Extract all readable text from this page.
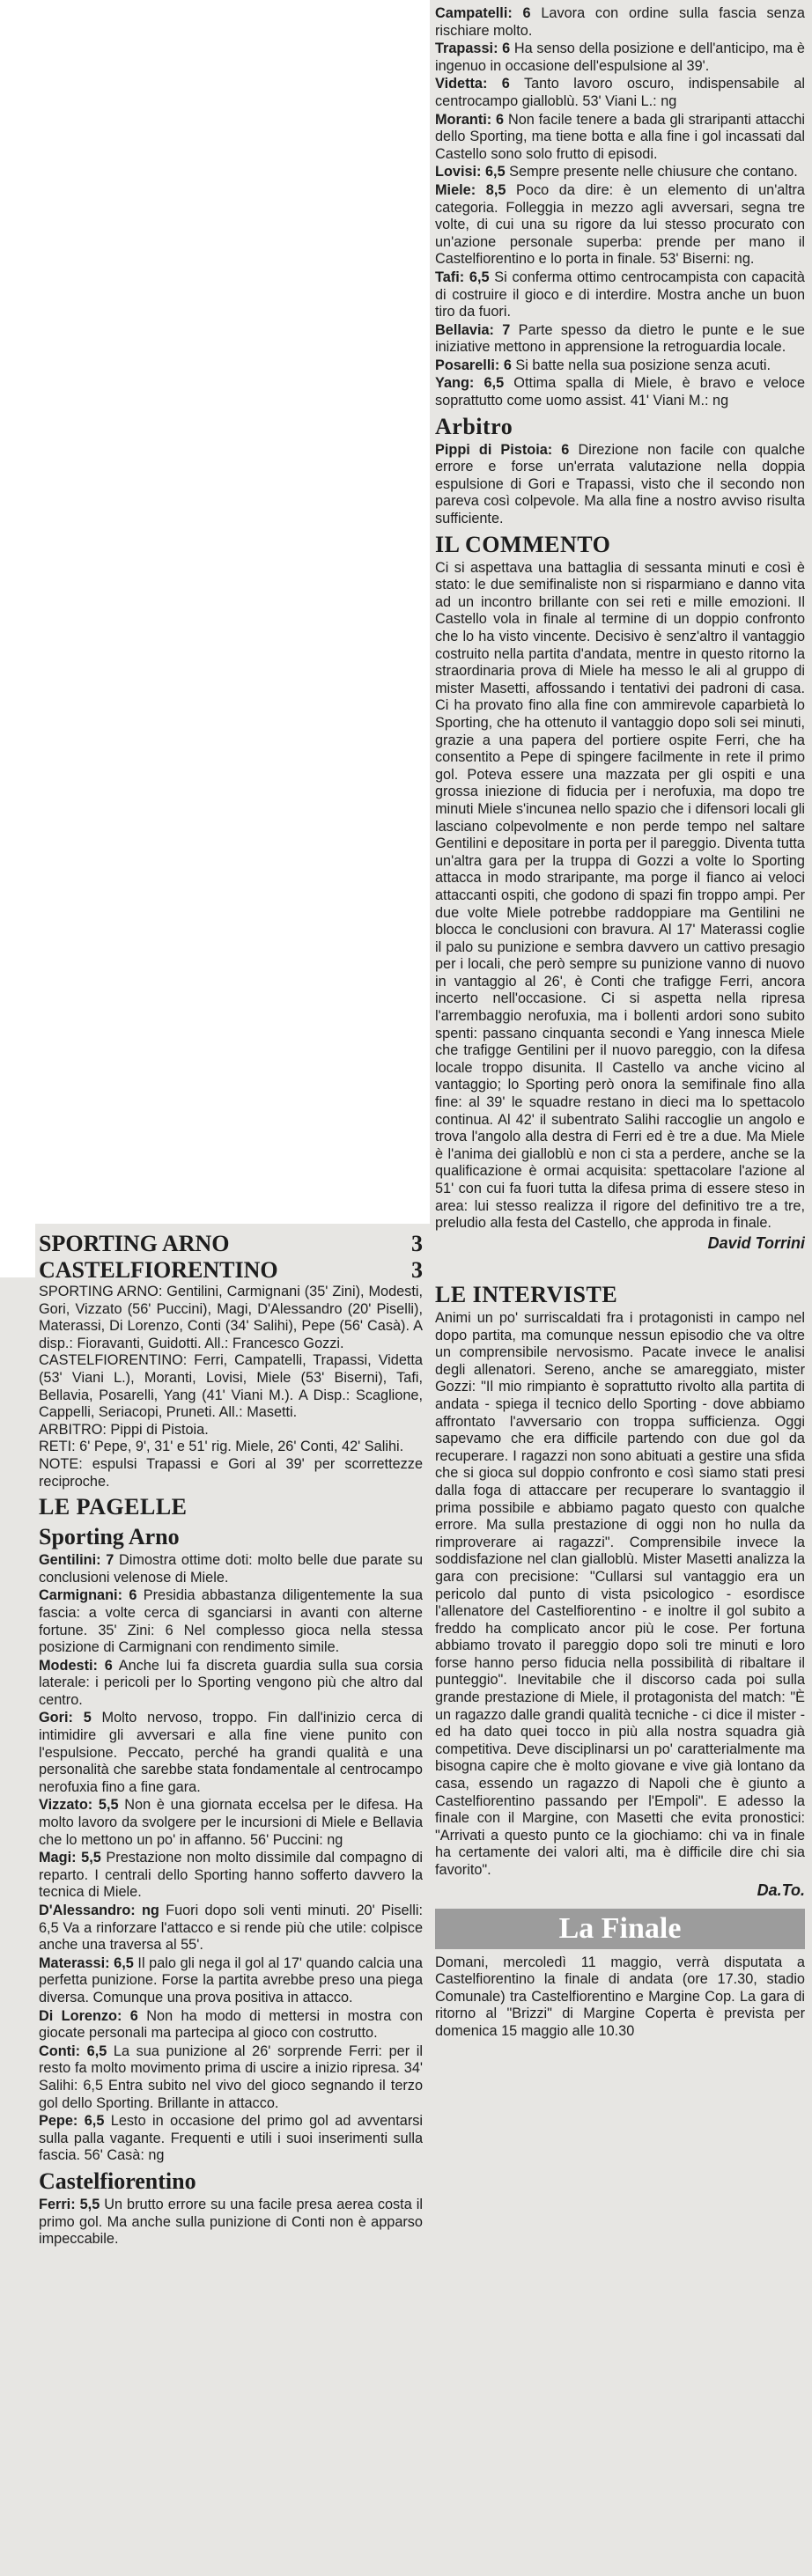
Campatelli: 6 Lavora con ordine sulla fascia senza rischiare molto.

Trapassi: 6 Ha senso della posizione e dell'anticipo, ma è ingenuo in occasione dell'espulsione al 39'.

Videtta: 6 Tanto lavoro oscuro, indispensabile al centrocampo gialloblù. 53' Viani L.: ng

Moranti: 6 Non facile tenere a bada gli straripanti attacchi dello Sporting, ma tiene botta e alla fine i gol incassati dal Castello sono solo frutto di episodi.

Lovisi: 6,5 Sempre presente nelle chiusure che contano.

Miele: 8,5 Poco da dire: è un elemento di un'altra categoria. Folleggia in mezzo agli avversari, segna tre volte, di cui una su rigore da lui stesso procurato con un'azione personale superba: prende per mano il Castelfiorentino e lo porta in finale. 53' Biserni: ng.

Tafi: 6,5 Si conferma ottimo centrocampista con capacità di costruire il gioco e di interdire. Mostra anche un buon tiro da fuori.

Bellavia: 7 Parte spesso da dietro le punte e le sue iniziative mettono in apprensione la retroguardia locale.

Posarelli: 6 Si batte nella sua posizione senza acuti.

Yang: 6,5 Ottima spalla di Miele, è bravo e veloce soprattutto come uomo assist. 41' Viani M.: ng

Arbitro

Pippi di Pistoia: 6 Direzione non facile con qualche errore e forse un'errata valutazione nella doppia espulsione di Gori e Trapassi, visto che il secondo non pareva così colpevole. Ma alla fine a nostro avviso risulta sufficiente.

IL COMMENTO

Ci si aspettava una battaglia di sessanta minuti e così è stato: le due semifinaliste non si risparmiano e danno vita ad un incontro brillante con sei reti e mille emozioni. Il Castello vola in finale al termine di un doppio confronto che lo ha visto vincente. Decisivo è senz'altro il vantaggio costruito nella partita d'andata, mentre in questo ritorno la straordinaria prova di Miele ha messo le ali al gruppo di mister Masetti, affossando i tentativi dei padroni di casa. Ci ha provato fino alla fine con ammirevole caparbietà lo Sporting, che ha ottenuto il vantaggio dopo soli sei minuti, grazie a una papera del portiere ospite Ferri, che ha consentito a Pepe di spingere facilmente in rete il primo gol. Poteva essere una mazzata per gli ospiti e una grossa iniezione di fiducia per i nerofuxia, ma dopo tre minuti Miele s'incunea nello spazio che i difensori locali gli lasciano colpevolmente e non perde tempo nel saltare Gentilini e depositare in porta per il pareggio. Diventa tutta un'altra gara per la truppa di Gozzi a volte lo Sporting attacca in modo straripante, ma porge il fianco ai veloci attaccanti ospiti, che godono di spazi fin troppo ampi. Per due volte Miele potrebbe raddoppiare ma Gentilini ne blocca le conclusioni con bravura. Al 17' Materassi coglie il palo su punizione e sembra davvero un cattivo presagio per i locali, che però sempre su punizione vanno di nuovo in vantaggio al 26', è Conti che trafigge Ferri, ancora incerto nell'occasione. Ci si aspetta nella ripresa l'arrembaggio nerofuxia, ma i bollenti ardori sono subito spenti: passano cinquanta secondi e Yang innesca Miele che trafigge Gentilini per il nuovo pareggio, con la difesa locale troppo disunita. Il Castello va anche vicino al vantaggio; lo Sporting però onora la semifinale fino alla fine: al 39' le squadre restano in dieci ma lo spettacolo continua. Al 42' il subentrato Salihi raccoglie un angolo e trova l'angolo alla destra di Ferri ed è tre a due. Ma Miele è l'anima dei gialloblù e non ci sta a perdere, anche se la qualificazione è ormai acquisita: spettacolare l'azione al 51' con cui fa fuori tutta la difesa prima di essere steso in area: lui stesso realizza il rigore del definitivo tre a tre, preludio alla festa del Castello, che approda in finale.

David Torrini
SPORTING ARNO	3
CASTELFIORENTINO	3

SPORTING ARNO: Gentilini, Carmignani (35' Zini), Modesti, Gori, Vizzato (56' Puccini), Magi, D'Alessandro (20' Piselli), Materassi, Di Lorenzo, Conti (34' Salihi), Pepe (56' Casà). A disp.: Fioravanti, Guidotti. All.: Francesco Gozzi.

CASTELFIORENTINO: Ferri, Campatelli, Trapassi, Videtta (53' Viani L.), Moranti, Lovisi, Miele (53' Biserni), Tafi, Bellavia, Posarelli, Yang (41' Viani M.). A Disp.: Scaglione, Cappelli, Seriacopi, Pruneti. All.: Masetti.

ARBITRO: Pippi di Pistoia.

RETI: 6' Pepe, 9', 31' e 51' rig. Miele, 26' Conti, 42' Salihi.

NOTE: espulsi Trapassi e Gori al 39' per scorrettezze reciproche.

LE PAGELLE
Sporting Arno

Gentilini: 7 Dimostra ottime doti: molto belle due parate su conclusioni velenose di Miele.

Carmignani: 6 Presidia abbastanza diligentemente la sua fascia: a volte cerca di sganciarsi in avanti con alterne fortune. 35' Zini: 6 Nel complesso gioca nella stessa posizione di Carmignani con rendimento simile.

Modesti: 6 Anche lui fa discreta guardia sulla sua corsia laterale: i pericoli per lo Sporting vengono più che altro dal centro.

Gori: 5 Molto nervoso, troppo. Fin dall'inizio cerca di intimidire gli avversari e alla fine viene punito con l'espulsione. Peccato, perché ha grandi qualità e una personalità che sarebbe stata fondamentale al centrocampo nerofuxia fino a fine gara.

Vizzato: 5,5 Non è una giornata eccelsa per le difesa. Ha molto lavoro da svolgere per le incursioni di Miele e Bellavia che lo mettono un po' in affanno. 56' Puccini: ng

Magi: 5,5 Prestazione non molto dissimile dal compagno di reparto. I centrali dello Sporting hanno sofferto davvero la tecnica di Miele.

D'Alessandro: ng Fuori dopo soli venti minuti. 20' Piselli: 6,5 Va a rinforzare l'attacco e si rende più che utile: colpisce anche una traversa al 55'.

Materassi: 6,5 Il palo gli nega il gol al 17' quando calcia una perfetta punizione. Forse la partita avrebbe preso una piega diversa. Comunque una prova positiva in attacco.

Di Lorenzo: 6 Non ha modo di mettersi in mostra con giocate personali ma partecipa al gioco con costrutto.

Conti: 6,5 La sua punizione al 26' sorprende Ferri: per il resto fa molto movimento prima di uscire a inizio ripresa. 34' Salihi: 6,5 Entra subito nel vivo del gioco segnando il terzo gol dello Sporting. Brillante in attacco.

Pepe: 6,5 Lesto in occasione del primo gol ad avventarsi sulla palla vagante. Frequenti e utili i suoi inserimenti sulla fascia. 56' Casà: ng

Castelfiorentino

Ferri: 5,5 Un brutto errore su una facile presa aerea costa il primo gol. Ma anche sulla punizione di Conti non è apparso impeccabile.

LE INTERVISTE

Animi un po' surriscaldati fra i protagonisti in campo nel dopo partita, ma comunque nessun episodio che va oltre un comprensibile nervosismo. Pacate invece le analisi degli allenatori. Sereno, anche se amareggiato, mister Gozzi: "Il mio rimpianto è soprattutto rivolto alla partita di andata - spiega il tecnico dello Sporting - dove abbiamo affrontato l'avversario con troppa sufficienza. Oggi sapevamo che era difficile partendo con due gol da recuperare. I ragazzi non sono abituati a gestire una sfida che si gioca sul doppio confronto e così siamo stati presi dalla foga di attaccare per recuperare lo svantaggio il prima possibile e abbiamo pagato questo con qualche errore. Ma sulla prestazione di oggi non ho nulla da rimproverare ai ragazzi". Comprensibile invece la soddisfazione nel clan gialloblù. Mister Masetti analizza la gara con precisione: "Cullarsi sul vantaggio era un pericolo dal punto di vista psicologico - esordisce l'allenatore del Castelfiorentino - e inoltre il gol subito a freddo ha complicato ancor più le cose. Per fortuna abbiamo trovato il pareggio dopo soli tre minuti e loro forse hanno perso fiducia nella possibilità di ribaltare il punteggio". Inevitabile che il discorso cada poi sulla grande prestazione di Miele, il protagonista del match: "È un ragazzo dalle grandi qualità tecniche - ci dice il mister - ed ha dato quei tocco in più alla nostra squadra già competitiva. Deve disciplinarsi un po' caratterialmente ma bisogna capire che è molto giovane e vive già lontano da casa, essendo un ragazzo di Napoli che è giunto a Castelfiorentino passando per l'Empoli". E adesso la finale con il Margine, con Masetti che evita pronostici: "Arrivati a questo punto ce la giochiamo: chi va in finale ha certamente dei valori alti, ma è difficile dire chi sia favorito".

Da.To.
La Finale

Domani, mercoledì 11 maggio, verrà disputata a Castelfiorentino la finale di andata (ore 17.30, stadio Comunale) tra Castelfiorentino e Margine Cop. La gara di ritorno al "Brizzi" di Margine Coperta è prevista per domenica 15 maggio alle 10.30
